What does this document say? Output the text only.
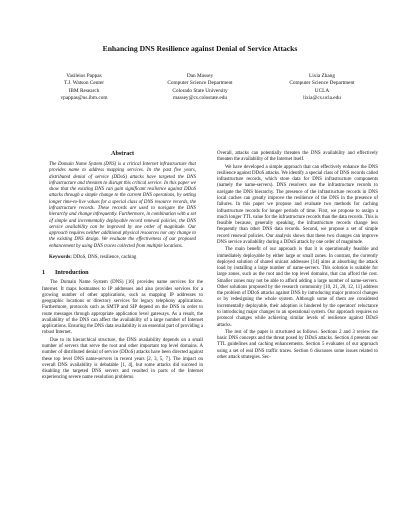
Enhancing DNS Resilience against Denial of Service Attacks
Vasileios Pappas
T.J. Watson Center
IBM Research
vpappas@us.ibm.com
Dan Massey
Computer Science Department
Colorado State University
massey@cs.colostate.edu
Lixia Zhang
Computer Science Department
UCLA
lixia@cs.ucla.edu
Abstract

The Domain Name System (DNS) is a critical Internet infrastructure that provides name to address mapping services. In the past five years, distributed denial of service (DDoS) attacks have targeted the DNS infrastructure and threaten to disrupt this critical service. In this paper we show that the existing DNS can gain significant resilience against DDoS attacks through a simple change to the current DNS operations, by setting longer time-to-live values for a special class of DNS resource records, the infrastructure records. These records are used to navigate the DNS hierarchy and change infrequently. Furthermore, in combination with a set of simple and incrementally deployable record renewal policies, the DNS service availability can be improved by one order of magnitude. Our approach requires neither additional physical resources nor any change to the existing DNS design. We evaluate the effectiveness of our proposed enhancement by using DNS traces collected from multiple locations.

Keywords: DDoS, DNS, resilience, caching

1 Introduction

The Domain Name System (DNS) [16] provides name services for the Internet. It maps hostnames to IP addresses and also provides services for a growing number of other applications, such as mapping IP addresses to geographic locations or directory services for legacy telephony applications. Furthermore, protocols such as SMTP and SIP depend on the DNS in order to route messages through appropriate application level gateways. As a result, the availability of the DNS can affect the availability of a large number of Internet applications. Ensuring the DNS data availability is an essential part of providing a robust Internet.

Due to its hierarchical structure, the DNS availability depends on a small number of servers that serve the root and other important top level domains. A number of distributed denial of service (DDoS) attacks have been directed against these top level DNS name-servers in recent years [2, 3, 5, 7]. The impact on overall DNS availability is debatable [1, 4], but some attacks did succeed in disabling the targeted DNS servers and resulted in parts of the Internet experiencing severe name resolution problems.

Overall, attacks can potentially threaten the DNS availability and effectively threaten the availability of the Internet itself.

We have developed a simple approach that can effectively enhance the DNS resilience against DDoS attacks. We identify a special class of DNS records called infrastructure records, which store data for DNS infrastructure components (namely the name-servers). DNS resolvers use the infrastructure records to navigate the DNS hierarchy. The presence of the infrastructure records in DNS local caches can greatly improve the resilience of the DNS in the presence of failures. In this paper we propose and evaluate two methods for caching infrastructure records for longer periods of time. First, we propose to assign a much longer TTL value for the infrastructure records than the data records. This is feasible because, generally speaking, the infrastructure records change less frequently than other DNS data records. Second, we propose a set of simple record renewal policies. Our analysis shows that these two changes can improve DNS service availability during a DDoS attack by one order of magnitude.

The main benefit of our approach is that it is operationally feasible and immediately deployable by either large or small zones. In contrast, the currently deployed solution of shared unicast addresses [14] aims at absorbing the attack load by installing a large number of name-servers. This solution is suitable for large zones, such as the root and the top level domains, that can afford the cost. Smaller zones may not be able to afford adding a large number of name-servers. Other solutions proposed by the research community [10, 21, 20, 12, 11] address the problem of DDoS attacks against DNS by introducing major protocol changes or by redesigning the whole system. Although some of them are considered incrementally deployable, their adoption is hindered by the operators' reluctance to introducing major changes to an operational system. Our approach requires no protocol changes while achieving similar levels of resilience against DDoS attacks.

The rest of the paper is structured as follows. Sections 2 and 3 review the basic DNS concepts and the threat posed by DDoS attacks. Section 4 presents our TTL guidelines and caching enhancements. Section 5 evaluates of our approach using a set of real DNS traffic traces. Section 6 discusses some issues related to other attack strategies. Sec-
